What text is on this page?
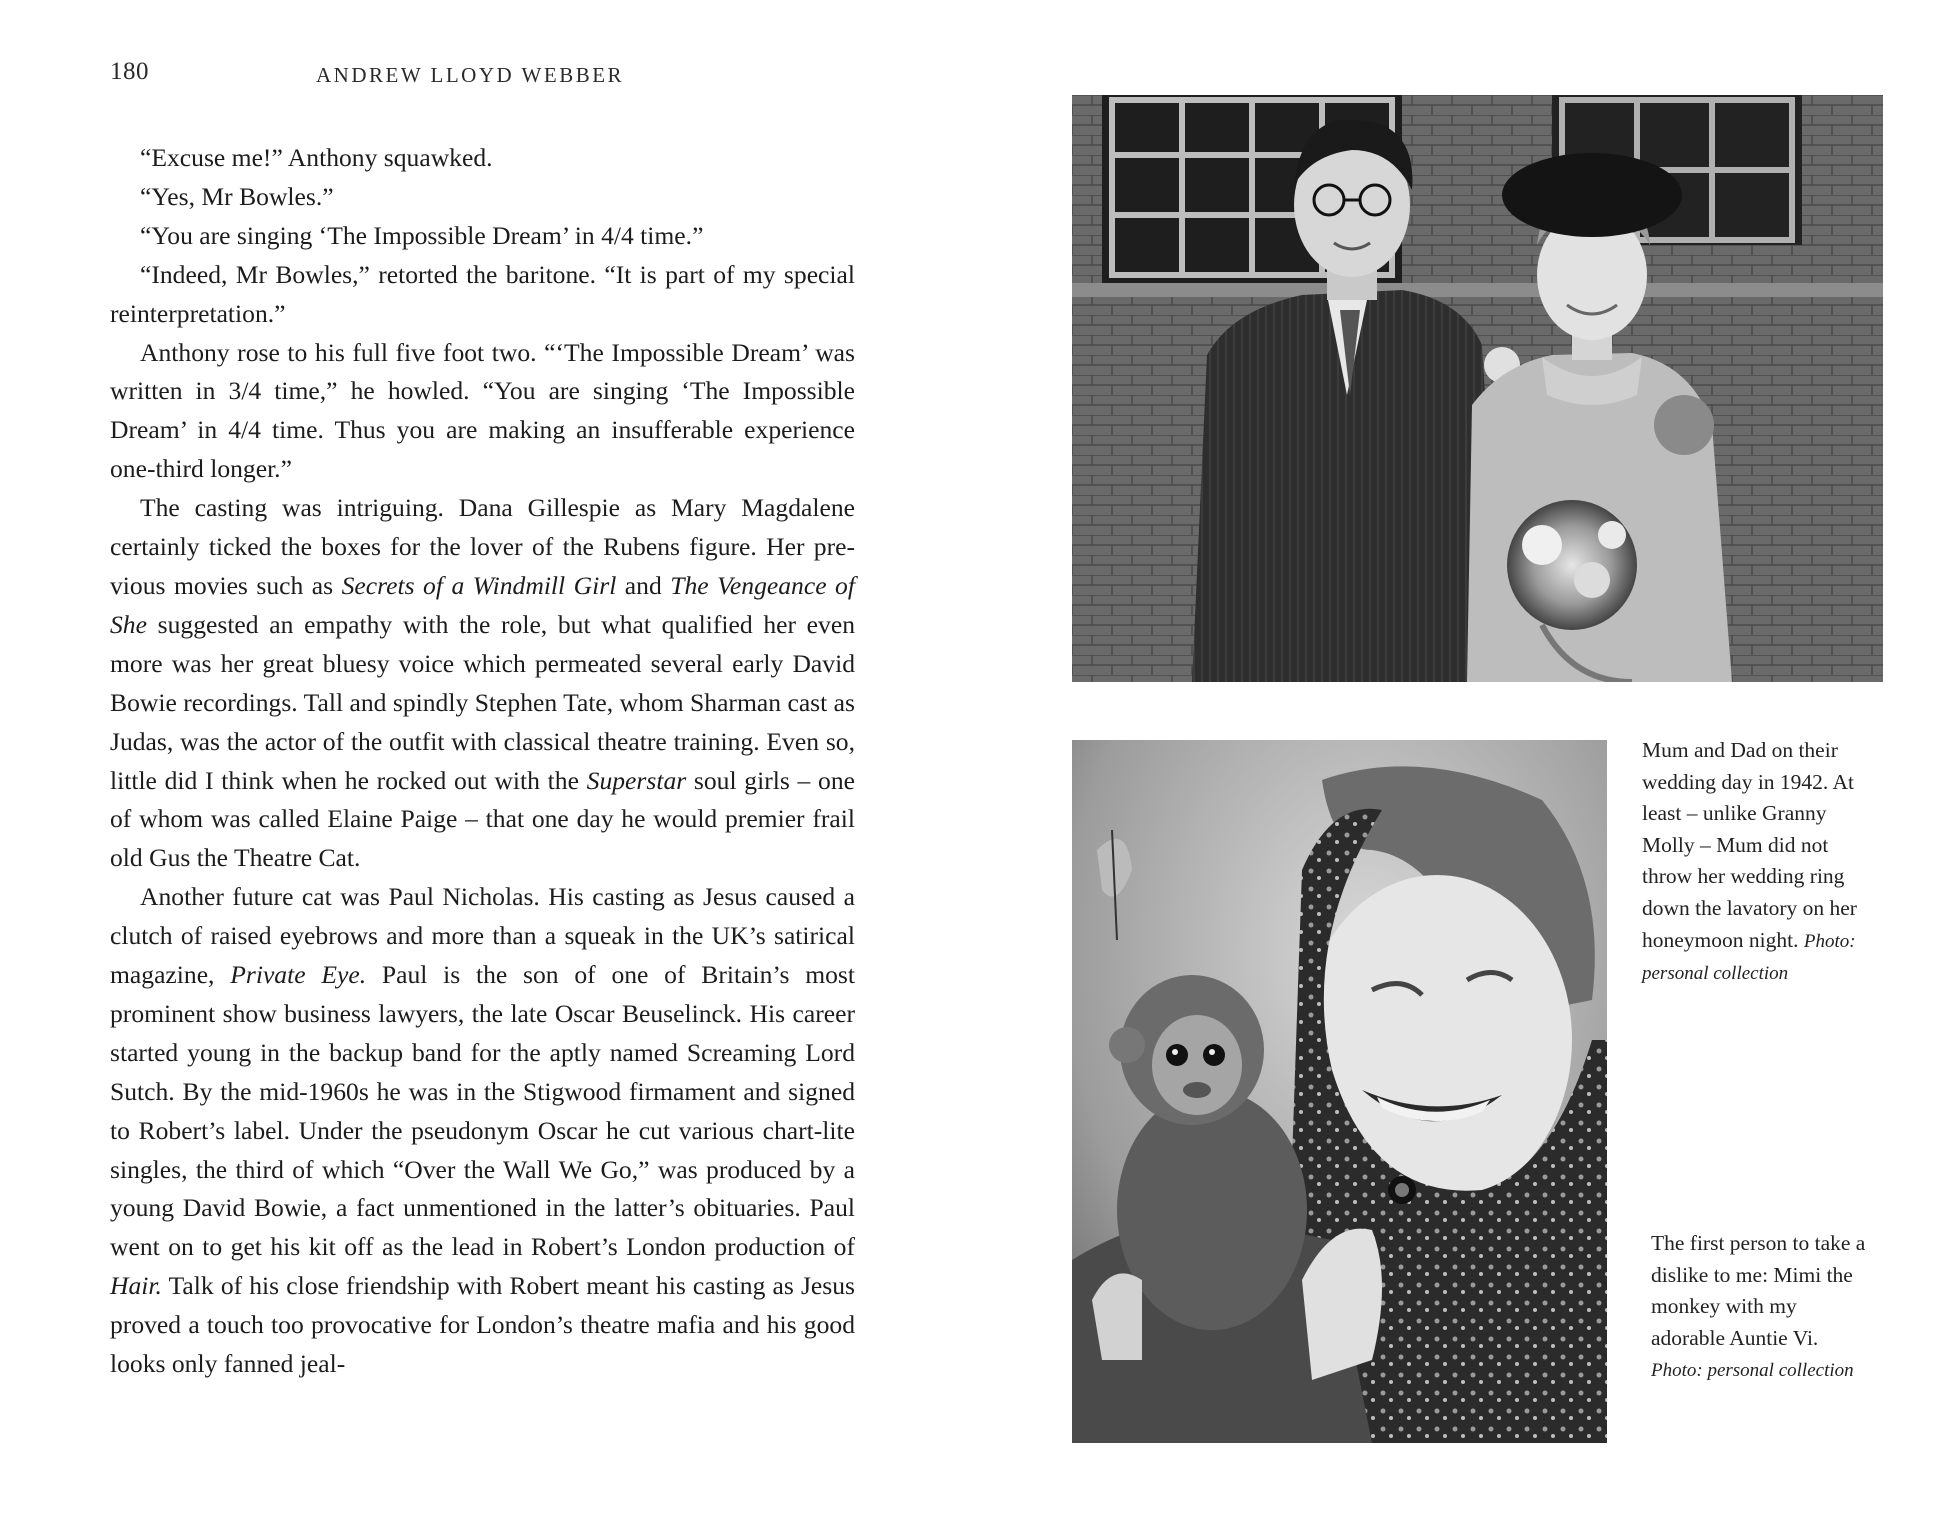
180	ANDREW LLOYD WEBBER

“Excuse me!” Anthony squawked.

“Yes, Mr Bowles.”

“You are singing ‘The Impossible Dream’ in 4/4 time.”

“Indeed, Mr Bowles,” retorted the baritone. “It is part of my special reinterpretation.”

Anthony rose to his full five foot two. “‘The Impossible Dream’ was written in 3/4 time,” he howled. “You are singing ‘The Impossible Dream’ in 4/4 time. Thus you are making an insufferable experience one-third longer.”

The casting was intriguing. Dana Gillespie as Mary Magdalene certainly ticked the boxes for the lover of the Rubens figure. Her previous movies such as Secrets of a Windmill Girl and The Vengeance of She suggested an empathy with the role, but what qualified her even more was her great bluesy voice which permeated several early David Bowie recordings. Tall and spindly Stephen Tate, whom Sharman cast as Judas, was the actor of the outfit with classical theatre training. Even so, little did I think when he rocked out with the Superstar soul girls – one of whom was called Elaine Paige – that one day he would premier frail old Gus the Theatre Cat.

Another future cat was Paul Nicholas. His casting as Jesus caused a clutch of raised eyebrows and more than a squeak in the UK’s satirical magazine, Private Eye. Paul is the son of one of Britain’s most prominent show business lawyers, the late Oscar Beuselinck. His career started young in the backup band for the aptly named Screaming Lord Sutch. By the mid-1960s he was in the Stigwood firmament and signed to Robert’s label. Under the pseudonym Oscar he cut various chart-lite singles, the third of which “Over the Wall We Go,” was produced by a young David Bowie, a fact unmentioned in the latter’s obituaries. Paul went on to get his kit off as the lead in Robert’s London production of Hair. Talk of his close friendship with Robert meant his casting as Jesus proved a touch too provocative for London’s theatre mafia and his good looks only fanned jeal-

Mum and Dad on their wedding day in 1942. At least – unlike Granny Molly – Mum did not throw her wedding ring down the lavatory on her honeymoon night. Photo: personal collection
The first person to take a dislike to me: Mimi the monkey with my adorable Auntie Vi. Photo: personal collection
